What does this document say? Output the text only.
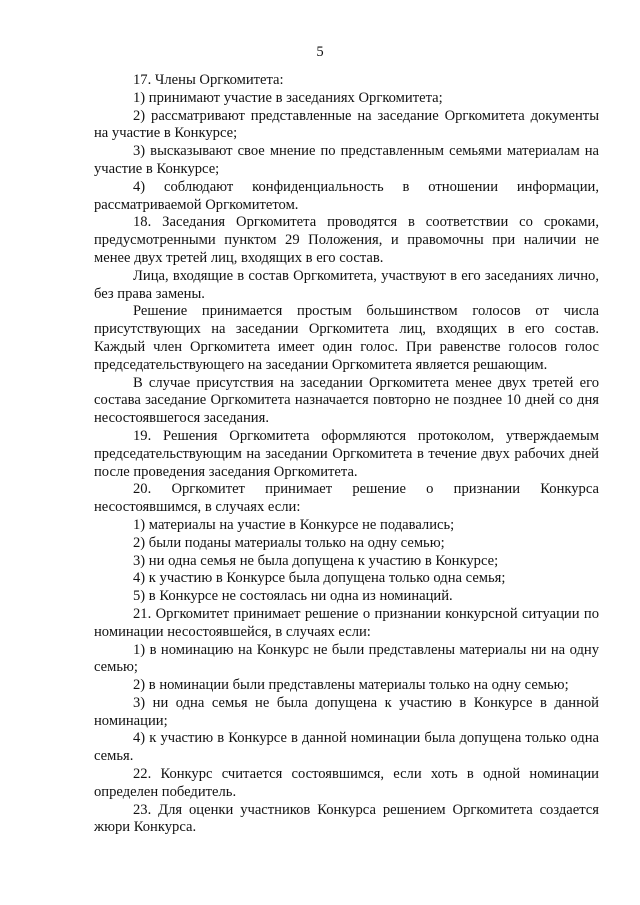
5

17. Члены Оргкомитета:

1) принимают участие в заседаниях Оргкомитета;

2) рассматривают представленные на заседание Оргкомитета документы на участие в Конкурсе;

3) высказывают свое мнение по представленным семьями материалам на участие в Конкурсе;

4) соблюдают конфиденциальность в отношении информации, рассматриваемой Оргкомитетом.

18. Заседания Оргкомитета проводятся в соответствии со сроками, предусмотренными пунктом 29 Положения, и правомочны при наличии не менее двух третей лиц, входящих в его состав.

Лица, входящие в состав Оргкомитета, участвуют в его заседаниях лично, без права замены.

Решение принимается простым большинством голосов от числа присутствующих на заседании Оргкомитета лиц, входящих в его состав. Каждый член Оргкомитета имеет один голос. При равенстве голосов голос председательствующего на заседании Оргкомитета является решающим.

В случае присутствия на заседании Оргкомитета менее двух третей его состава заседание Оргкомитета назначается повторно не позднее 10 дней со дня несостоявшегося заседания.

19. Решения Оргкомитета оформляются протоколом, утверждаемым председательствующим на заседании Оргкомитета в течение двух рабочих дней после проведения заседания Оргкомитета.

20. Оргкомитет принимает решение о признании Конкурса несостоявшимся, в случаях если:

1) материалы на участие в Конкурсе не подавались;

2) были поданы материалы только на одну семью;

3) ни одна семья не была допущена к участию в Конкурсе;

4) к участию в Конкурсе была допущена только одна семья;

5) в Конкурсе не состоялась ни одна из номинаций.

21. Оргкомитет принимает решение о признании конкурсной ситуации по номинации несостоявшейся, в случаях если:

1) в номинацию на Конкурс не были представлены материалы ни на одну семью;

2) в номинации были представлены материалы только на одну семью;

3) ни одна семья не была допущена к участию в Конкурсе в данной номинации;

4) к участию в Конкурсе в данной номинации была допущена только одна семья.

22. Конкурс считается состоявшимся, если хоть в одной номинации определен победитель.

23. Для оценки участников Конкурса решением Оргкомитета создается жюри Конкурса.
